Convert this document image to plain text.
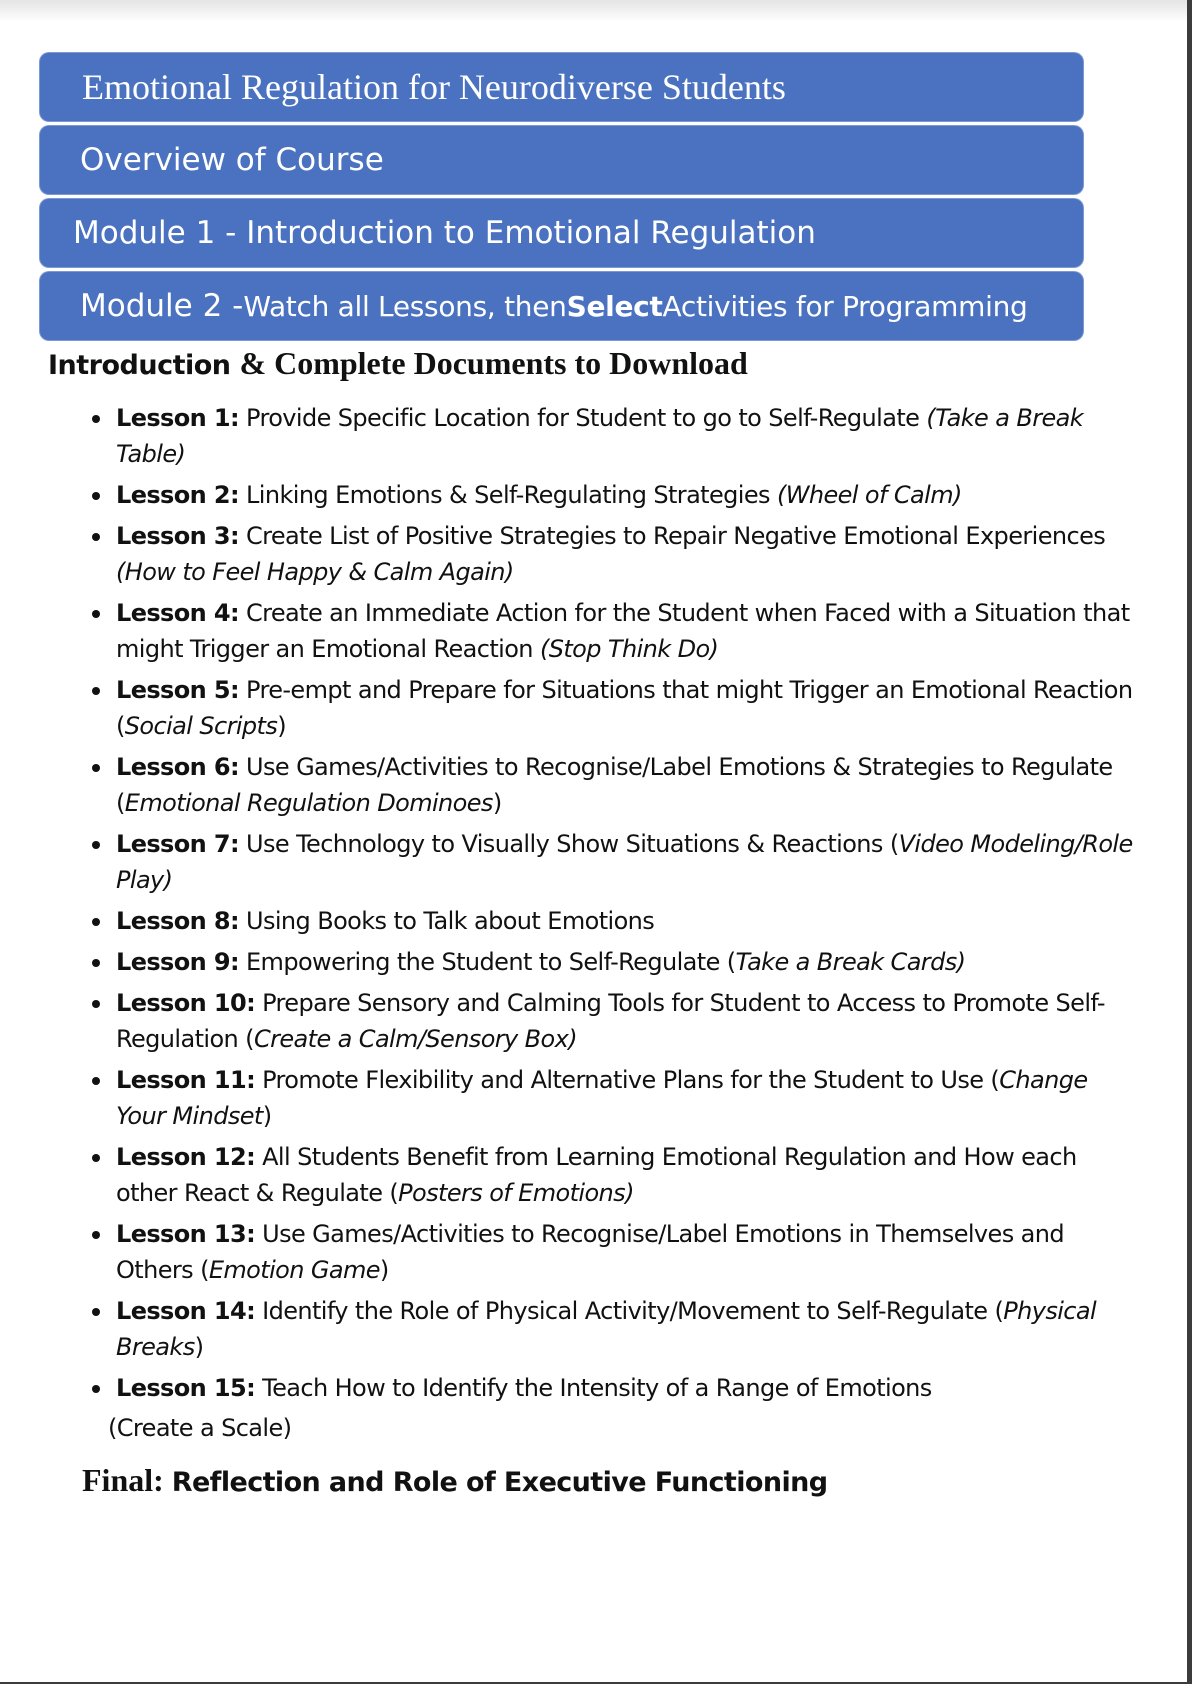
Emotional Regulation for Neurodiverse Students
Overview of Course
Module 1 - Introduction to Emotional Regulation
Module 2 - Watch all Lessons, then Select Activities for Programming
Introduction & Complete Documents to Download
Lesson 1: Provide Specific Location for Student to go to Self-Regulate (Take a Break Table)
Lesson 2: Linking Emotions & Self-Regulating Strategies (Wheel of Calm)
Lesson 3: Create List of Positive Strategies to Repair Negative Emotional Experiences (How to Feel Happy & Calm Again)
Lesson 4: Create an Immediate Action for the Student when Faced with a Situation that might Trigger an Emotional Reaction (Stop Think Do)
Lesson 5: Pre-empt and Prepare for Situations that might Trigger an Emotional Reaction (Social Scripts)
Lesson 6: Use Games/Activities to Recognise/Label Emotions & Strategies to Regulate (Emotional Regulation Dominoes)
Lesson 7: Use Technology to Visually Show Situations & Reactions (Video Modeling/Role Play)
Lesson 8: Using Books to Talk about Emotions
Lesson 9: Empowering the Student to Self-Regulate (Take a Break Cards)
Lesson 10: Prepare Sensory and Calming Tools for Student to Access to Promote Self-Regulation (Create a Calm/Sensory Box)
Lesson 11: Promote Flexibility and Alternative Plans for the Student to Use (Change Your Mindset)
Lesson 12: All Students Benefit from Learning Emotional Regulation and How each other React & Regulate (Posters of Emotions)
Lesson 13: Use Games/Activities to Recognise/Label Emotions in Themselves and Others (Emotion Game)
Lesson 14: Identify the Role of Physical Activity/Movement to Self-Regulate (Physical Breaks)
Lesson 15: Teach How to Identify the Intensity of a Range of Emotions
(Create a Scale)
Final: Reflection and Role of Executive Functioning
